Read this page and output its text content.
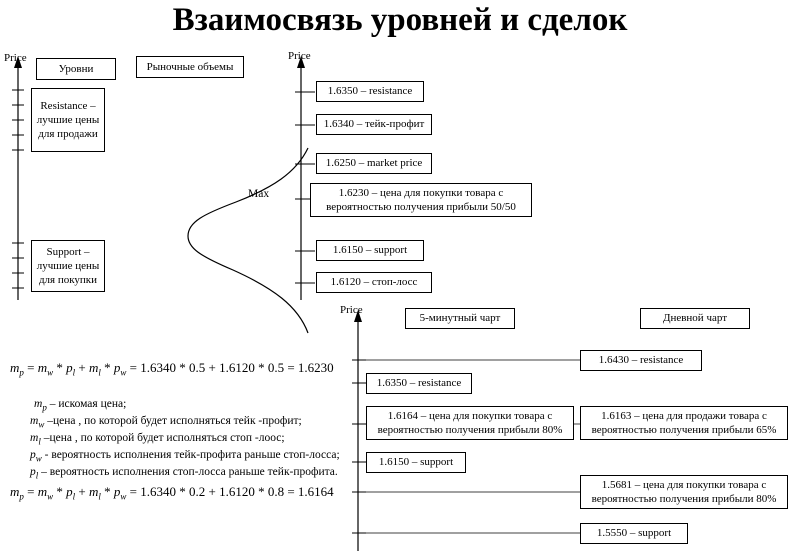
Взаимосвязь уровней и сделок
Price	Price
Price
Уровни
Resistance – лучшие цены для продажи
Support – лучшие цены для покупки
Рыночные объемы
Max
1.6350 – resistance
1.6340 – тейк-профит
1.6250 – market price
1.6230 – цена для покупки товара с вероятностью получения прибыли 50/50
1.6150 – support
1.6120 – стоп-лосс
5-минутный чарт	Дневной чарт
1.6350 – resistance
1.6164 – цена для покупки товара с вероятностью получения прибыли 80%
1.6150 – support
1.6430 – resistance
1.6163 – цена для продажи товара с вероятностью получения прибыли 65%
1.5681 – цена для покупки товара с вероятностью получения прибыли 80%
1.5550 – support
$m_p = m_w * p_l + m_l * p_w = 1.6340 * 0.5 + 1.6120 * 0.5 = 1.6230$
$m_p$ – искомая цена;
$m_w$ –цена , по которой будет исполняться тейк -профит;
$m_l$ –цена , по которой будет исполняться стоп -лоос;
$p_w$ - вероятность исполнения тейк-профита раньше стоп-лосса;
$p_l$ – вероятность исполнения стоп-лосса раньше тейк-профита.
$m_p = m_w * p_l + m_l * p_w = 1.6340 * 0.2 + 1.6120 * 0.8 = 1.6164$
